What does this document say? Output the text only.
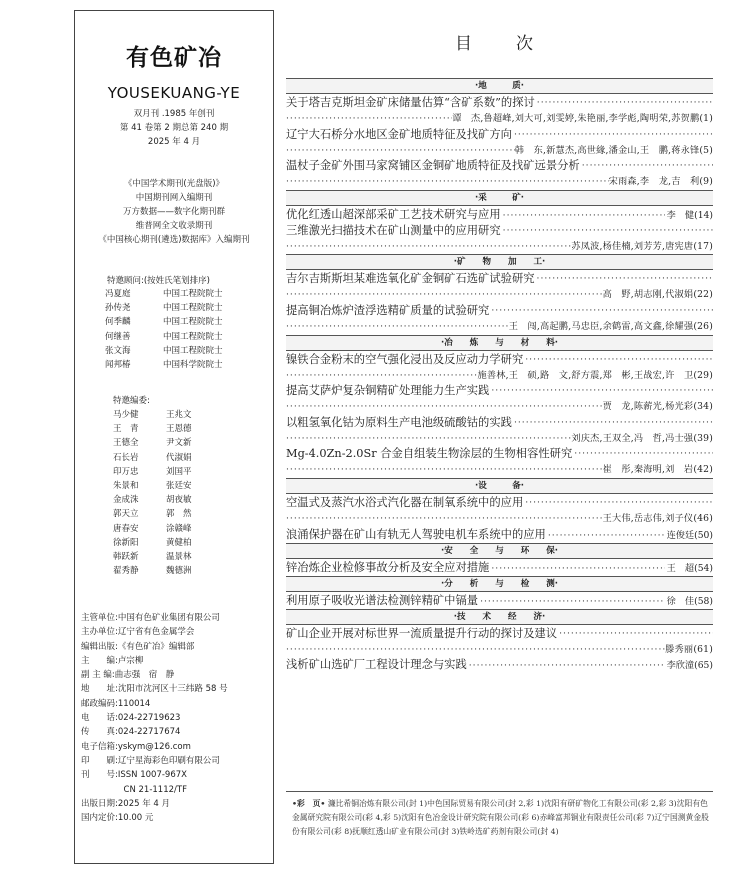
有色矿冶
YOUSEKUANG-YE
双月刊 .1985 年创刊
第 41 卷第 2 期总第 240 期
2025 年 4 月
《中国学术期刊(光盘版)》
中国期刊网入编期刊
万方数据——数字化期刊群
维普网全文收录期刊
《中国核心期刊(遴选)数据库》入编期刊
特邀顾问:(按姓氏笔划排序)
冯夏庭	中国工程院院士
孙传尧	中国工程院院士
何季麟	中国工程院院士
何继善	中国工程院院士
张文海	中国工程院院士
闻邦椿	中国科学院院士
特邀编委:
马少健	王兆文
王　青	王恩德
王德全	尹文新
石长岩	代淑娟
印万忠	刘国平
朱景和	张廷安
金成洙	胡夜敏
郭天立	郭　然
唐春安	涂赣峰
徐新阳	黄健柏
韩跃新	温景林
翟秀静	魏德洲
主管单位: 中国有色矿业集团有限公司
主办单位: 辽宁省有色金属学会
编辑出版: 《有色矿冶》编辑部
主　　编: 卢宗柳
副 主 编: 曲志强　宿　静
地　　址: 沈阳市沈河区十三纬路 58 号
邮政编码: 110014
电　　话: 024-22719623
传　　真: 024-22717674
电子信箱: yskym@126.com
印　　刷: 辽宁星海彩色印刷有限公司
刊　　号: ISSN 1007-967X

CN 21-1112/TF
出版日期: 2025 年 4 月
国内定价: 10.00 元
目次
·地　　　质·
关于塔吉克斯坦金矿床储量估算“含矿系数”的探讨
·····
·····
谭　杰,鲁超峰,刘大可,刘雯婷,朱艳丽,李学彪,陶明荣,苏贺鹏 (1)
辽宁大石桥分水地区金矿地质特征及找矿方向
·····
·····
韩　东,新慧杰,高世緣,潘金山,王　鹏,蒋永锋 (5)
温杖子金矿外围马家窝铺区金铜矿地质特征及找矿远景分析
·····
·····
宋雨森,李　龙,吉　利 (9)
·采　　　矿·
优化红透山超深部采矿工艺技术研究与应用 ·····	李　健 (14)
三维激光扫描技术在矿山测量中的应用研究
·····
·····
苏凤波,杨佳楠,刘芳芳,唐宪唐 (17)
·矿　　物　　加　　工·
吉尔吉斯斯坦某难选氧化矿金铜矿石选矿试验研究
·····
·····
高　野,胡志刚,代淑娟 (22)
提高铜冶炼炉渣浮选精矿质量的试验研究
·····
·····
王　闯,高起鹏,马忠臣,余鹤雷,高文鑫,徐耀强 (26)
·冶　　炼　　与　　材　　料·
镍铁合金粉末的空气强化浸出及反应动力学研究
·····
·····
施善林,王　硕,路　文,舒方震,郑　彬,王战宏,许　卫 (29)
提高艾萨炉复杂铜精矿处理能力生产实践
·····
·····
贾　龙,陈薪光,杨光彩 (34)
以粗氢氧化钴为原料生产电池级硫酸钴的实践
·····
·····
刘庆杰,王双全,冯　哲,冯士强 (39)
Mg-4.0Zn-2.0Sr 合金自组装生物涂层的生物相容性研究
·····
·····
崔　彤,秦海明,刘　岩 (42)
·设　　　备·
空温式及蒸汽水浴式汽化器在制氧系统中的应用
·····
·····
王大伟,岳志伟,刘子仪 (46)
浪涌保护器在矿山有轨无人驾驶电机车系统中的应用 ·····	连俊廷 (50)
·安　　全　　与　　环　　保·
锌冶炼企业检修事故分析及安全应对措施 ·····	王　超 (54)
·分　　析　　与　　检　　测·
利用原子吸收光谱法检测锌精矿中镉量 ·····	徐　佳 (58)
·技　　术　　经　　济·
矿山企业开展对标世界一流质量提升行动的探讨及建议
·····
·····
滕秀丽 (61)
浅析矿山选矿厂工程设计理念与实践 ·····	李欣潼 (65)
•彩　页• 濂比希铜冶炼有限公司(封 1)中色国际贸易有限公司(封 2,彩 1)沈阳有研矿物化工有限公司(彩 2,彩 3)沈阳有色金属研究院有限公司(彩 4,彩 5)沈阳有色冶金设计研究院有限公司(彩 6)赤峰富邦铜业有限责任公司(彩 7)辽宁国测黄金股份有限公司(彩 8)抚顺红透山矿业有限公司(封 3)铁岭选矿药剂有限公司(封 4)
